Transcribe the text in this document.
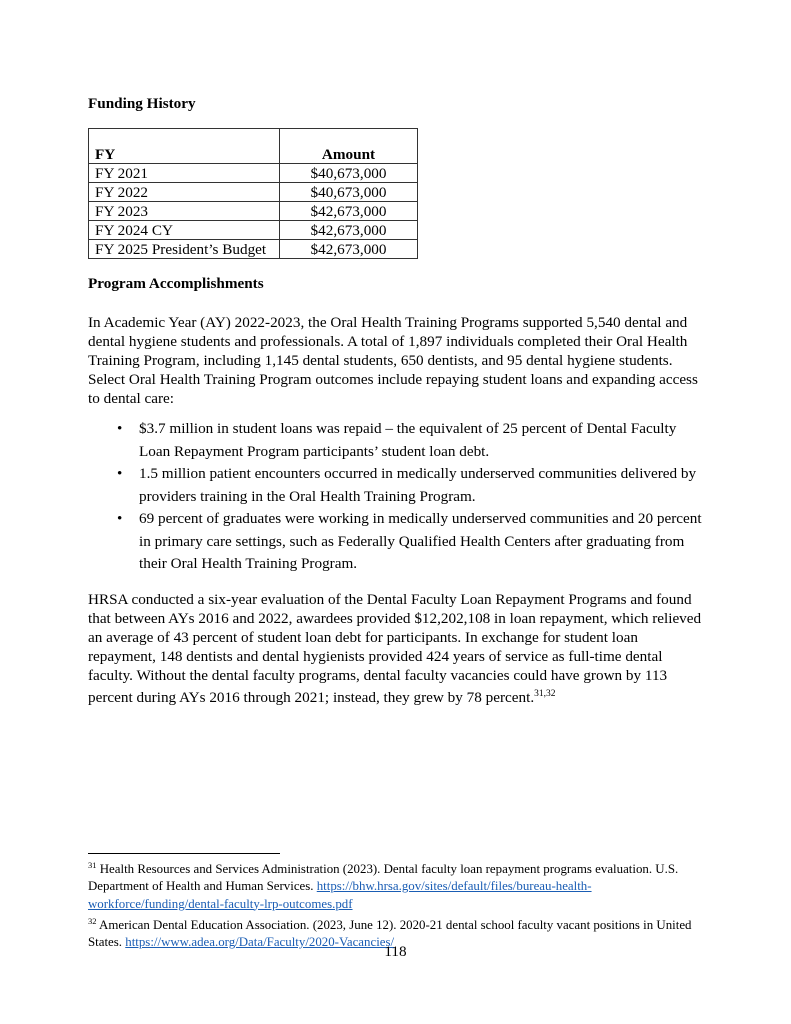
Funding History
FY	Amount
FY 2021	$40,673,000
FY 2022	$40,673,000
FY 2023	$42,673,000
FY 2024 CY	$42,673,000
FY 2025 President’s Budget	$42,673,000
Program Accomplishments

In Academic Year (AY) 2022-2023, the Oral Health Training Programs supported 5,540 dental and dental hygiene students and professionals. A total of 1,897 individuals completed their Oral Health Training Program, including 1,145 dental students, 650 dentists, and 95 dental hygiene students. Select Oral Health Training Program outcomes include repaying student loans and expanding access to dental care:

•	$3.7 million in student loans was repaid – the equivalent of 25 percent of Dental Faculty Loan Repayment Program participants’ student loan debt.
•	1.5 million patient encounters occurred in medically underserved communities delivered by providers training in the Oral Health Training Program.
•	69 percent of graduates were working in medically underserved communities and 20 percent in primary care settings, such as Federally Qualified Health Centers after graduating from their Oral Health Training Program.

HRSA conducted a six-year evaluation of the Dental Faculty Loan Repayment Programs and found that between AYs 2016 and 2022, awardees provided $12,202,108 in loan repayment, which relieved an average of 43 percent of student loan debt for participants. In exchange for student loan repayment, 148 dentists and dental hygienists provided 424 years of service as full-time dental faculty. Without the dental faculty programs, dental faculty vacancies could have grown by 113 percent during AYs 2016 through 2021; instead, they grew by 78 percent.$^{31,32}$

$^{31}$ Health Resources and Services Administration (2023). Dental faculty loan repayment programs evaluation. U.S. Department of Health and Human Services. https://bhw.hrsa.gov/sites/default/files/bureau-health-workforce/funding/dental-faculty-lrp-outcomes.pdf
$^{32}$ American Dental Education Association. (2023, June 12). 2020-21 dental school faculty vacant positions in United States. https://www.adea.org/Data/Faculty/2020-Vacancies/
118
